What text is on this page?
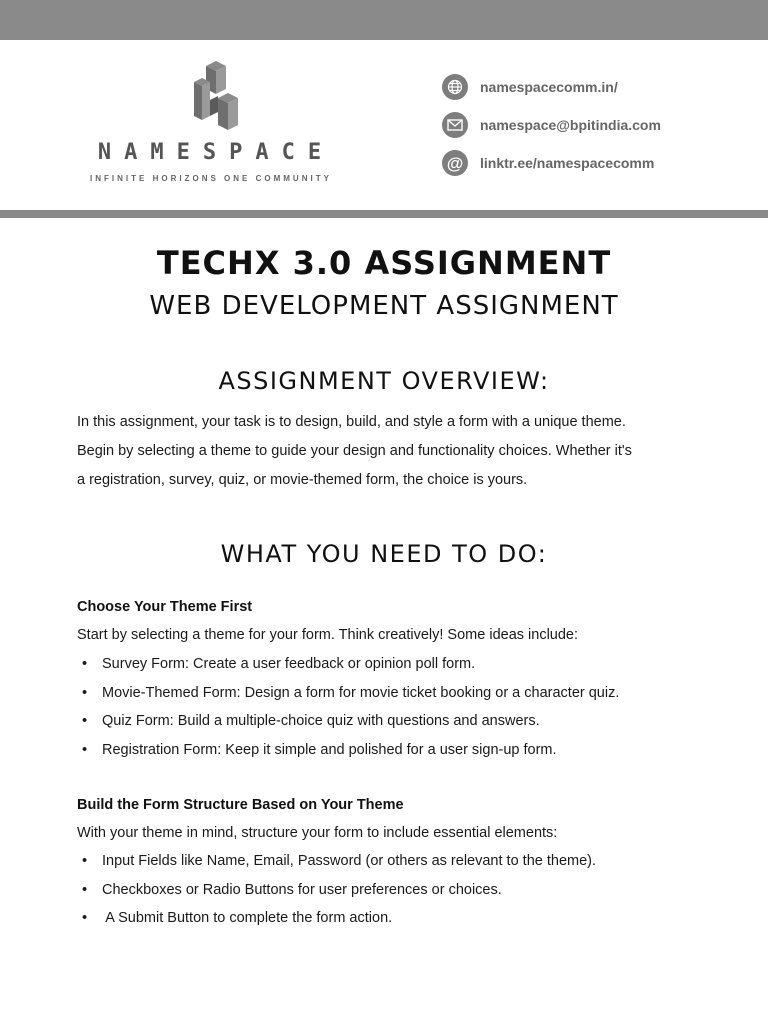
NAMESPACE
INFINITE HORIZONS ONE COMMUNITY
namespacecomm.in/
namespace@bpitindia.com
@ linktr.ee/namespacecomm
TECHX 3.0 ASSIGNMENT
WEB DEVELOPMENT ASSIGNMENT
ASSIGNMENT OVERVIEW:
In this assignment, your task is to design, build, and style a form with a unique theme.
Begin by selecting a theme to guide your design and functionality choices. Whether it's
a registration, survey, quiz, or movie-themed form, the choice is yours.
WHAT YOU NEED TO DO:
Choose Your Theme First
Start by selecting a theme for your form. Think creatively! Some ideas include:
• Survey Form: Create a user feedback or opinion poll form.
• Movie-Themed Form: Design a form for movie ticket booking or a character quiz.
• Quiz Form: Build a multiple-choice quiz with questions and answers.
• Registration Form: Keep it simple and polished for a user sign-up form.
Build the Form Structure Based on Your Theme
With your theme in mind, structure your form to include essential elements:
• Input Fields like Name, Email, Password (or others as relevant to the theme).
• Checkboxes or Radio Buttons for user preferences or choices.
•  A Submit Button to complete the form action.
